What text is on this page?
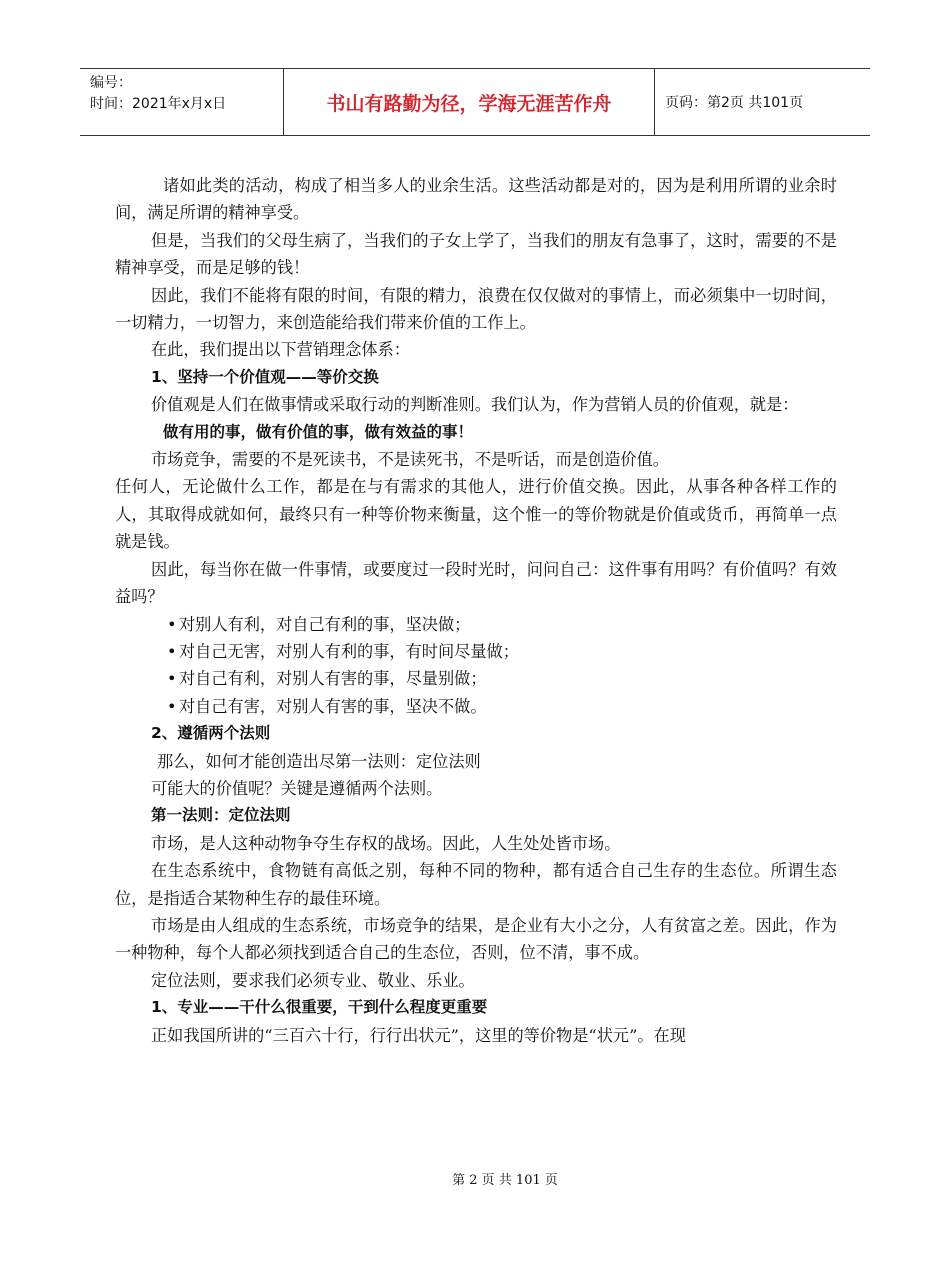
编号：
时间：2021年x月x日	书山有路勤为径，学海无涯苦作舟	页码：第2页 共101页

诸如此类的活动，构成了相当多人的业余生活。这些活动都是对的，因为是利用所谓的业余时间，满足所谓的精神享受。

但是，当我们的父母生病了，当我们的子女上学了，当我们的朋友有急事了，这时，需要的不是精神享受，而是足够的钱！

因此，我们不能将有限的时间，有限的精力，浪费在仅仅做对的事情上，而必须集中一切时间，一切精力，一切智力，来创造能给我们带来价值的工作上。

在此，我们提出以下营销理念体系：

1、坚持一个价值观——等价交换

价值观是人们在做事情或采取行动的判断准则。我们认为，作为营销人员的价值观，就是：

做有用的事，做有价值的事，做有效益的事！

市场竞争，需要的不是死读书，不是读死书，不是听话，而是创造价值。

任何人，无论做什么工作，都是在与有需求的其他人，进行价值交换。因此，从事各种各样工作的人，其取得成就如何，最终只有一种等价物来衡量，这个惟一的等价物就是价值或货币，再简单一点就是钱。

因此，每当你在做一件事情，或要度过一段时光时，问问自己：这件事有用吗？有价值吗？有效益吗？

• 对别人有利，对自己有利的事，坚决做；

• 对自己无害，对别人有利的事，有时间尽量做；

• 对自己有利，对别人有害的事，尽量别做；

• 对自己有害，对别人有害的事，坚决不做。

2、遵循两个法则

那么，如何才能创造出尽第一法则：定位法则

可能大的价值呢？关键是遵循两个法则。

第一法则：定位法则

市场，是人这种动物争夺生存权的战场。因此，人生处处皆市场。

在生态系统中，食物链有高低之别，每种不同的物种，都有适合自己生存的生态位。所谓生态位，是指适合某物种生存的最佳环境。

市场是由人组成的生态系统，市场竞争的结果，是企业有大小之分，人有贫富之差。因此，作为一种物种，每个人都必须找到适合自己的生态位，否则，位不清，事不成。

定位法则，要求我们必须专业、敬业、乐业。

1、专业——干什么很重要，干到什么程度更重要

正如我国所讲的“三百六十行，行行出状元”，这里的等价物是“状元”。在现

第 2 页 共 101 页
